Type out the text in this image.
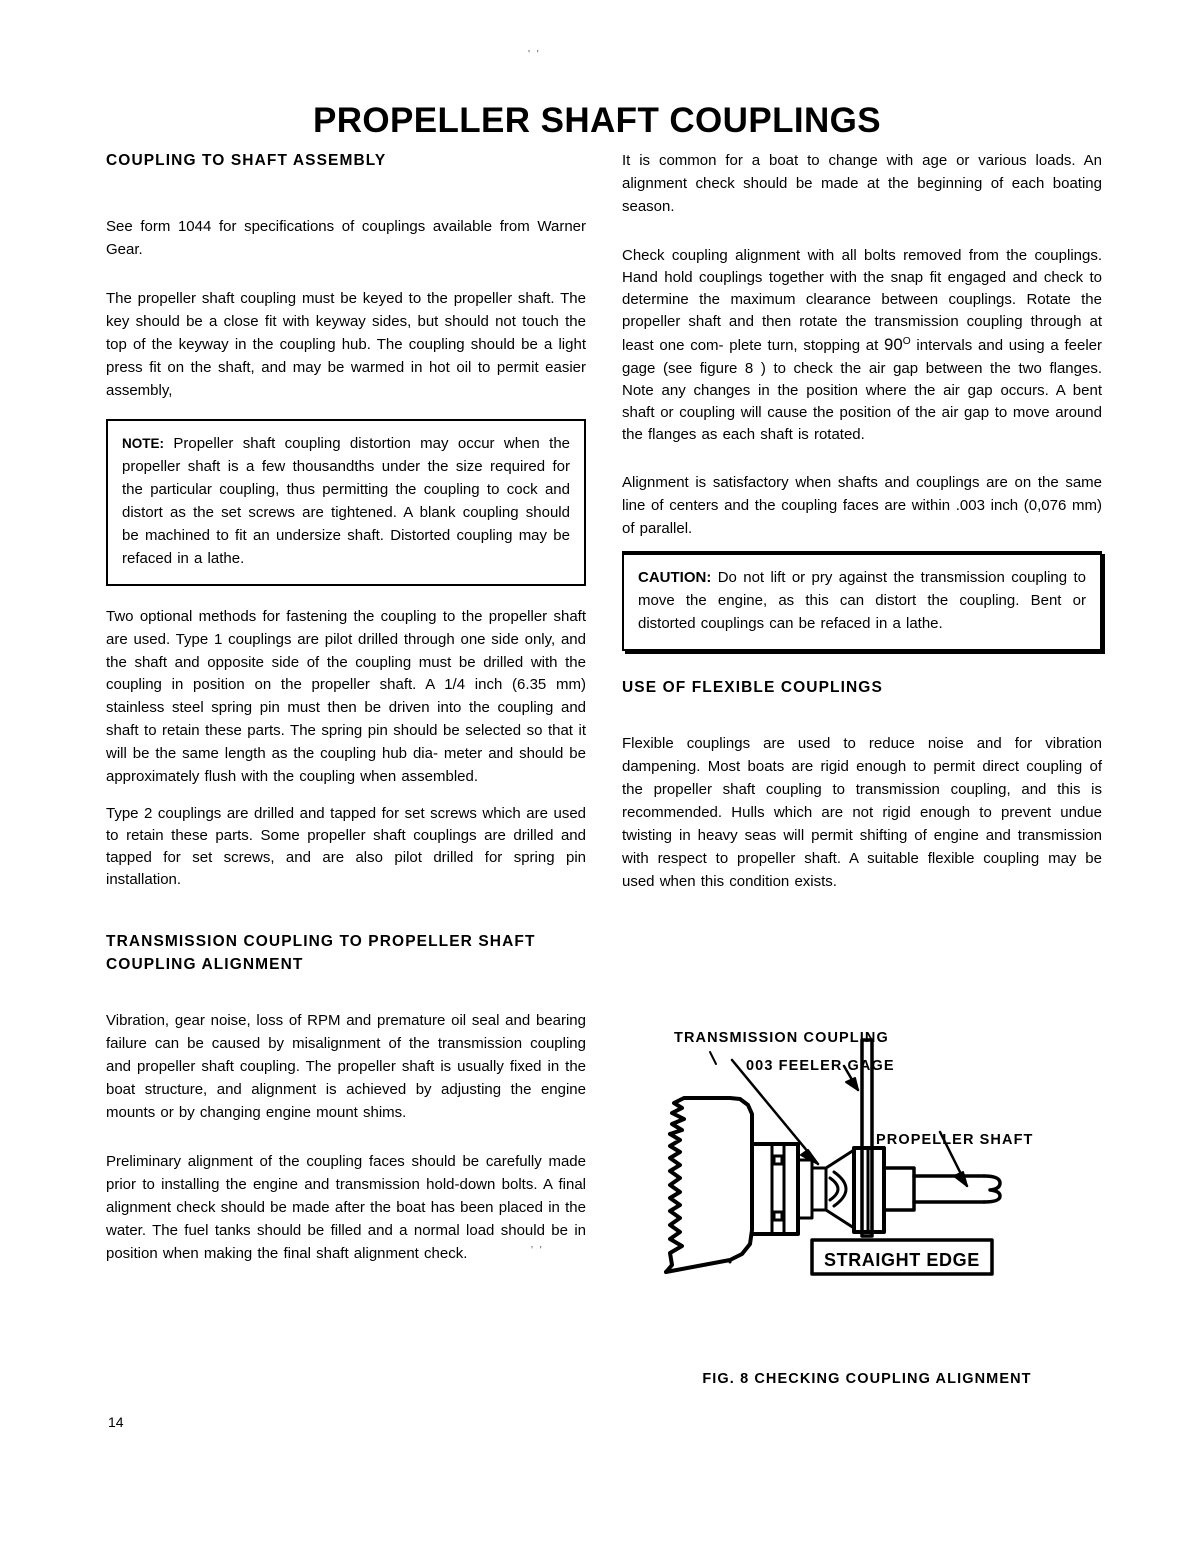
' '
PROPELLER SHAFT COUPLINGS
COUPLING TO SHAFT ASSEMBLY

See form 1044 for specifications of couplings available from Warner Gear.

The propeller shaft coupling must be keyed to the propeller shaft. The key should be a close fit with keyway sides, but should not touch the top of the keyway in the coupling hub. The coupling should be a light press fit on the shaft, and may be warmed in hot oil to permit easier assembly,

NOTE: Propeller shaft coupling distortion may occur when the propeller shaft is a few thousandths under the size required for the particular coupling, thus permitting the coupling to cock and distort as the set screws are tightened. A blank coupling should be machined to fit an undersize shaft. Distorted coupling may be refaced in a lathe.

Two optional methods for fastening the coupling to the propeller shaft are used. Type 1 couplings are pilot drilled through one side only, and the shaft and opposite side of the coupling must be drilled with the coupling in position on the propeller shaft. A 1/4 inch (6.35 mm) stainless steel spring pin must then be driven into the coupling and shaft to retain these parts. The spring pin should be selected so that it will be the same length as the coupling hub dia- meter and should be approximately flush with the coupling when assembled.

Type 2 couplings are drilled and tapped for set screws which are used to retain these parts. Some propeller shaft couplings are drilled and tapped for set screws, and are also pilot drilled for spring pin installation.

TRANSMISSION COUPLING TO PROPELLER SHAFT
COUPLING ALIGNMENT

Vibration, gear noise, loss of RPM and premature oil seal and bearing failure can be caused by misalignment of the transmission coupling and propeller shaft coupling. The propeller shaft is usually fixed in the boat structure, and alignment is achieved by adjusting the engine mounts or by changing engine mount shims.

Preliminary alignment of the coupling faces should be carefully made prior to installing the engine and transmission hold-down bolts. A final alignment check should be made after the boat has been placed in the water. The fuel tanks should be filled and a normal load should be in position when making the final shaft alignment check.	' '

It is common for a boat to change with age or various loads. An alignment check should be made at the beginning of each boating season.

Check coupling alignment with all bolts removed from the couplings. Hand hold couplings together with the snap fit engaged and check to determine the maximum clearance between couplings. Rotate the propeller shaft and then rotate the transmission coupling through at least one com- plete turn, stopping at $90^O$ intervals and using a feeler gage (see figure 8 ) to check the air gap between the two flanges. Note any changes in the position where the air gap occurs. A bent shaft or coupling will cause the position of the air gap to move around the flanges as each shaft is rotated.

Alignment is satisfactory when shafts and couplings are on the same line of centers and the coupling faces are within .003 inch (0,076 mm) of parallel.

CAUTION: Do not lift or pry against the transmission coupling to move the engine, as this can distort the coupling. Bent or distorted couplings can be refaced in a lathe.

USE OF FLEXIBLE COUPLINGS

Flexible couplings are used to reduce noise and for vibration dampening. Most boats are rigid enough to permit direct coupling of the propeller shaft coupling to transmission coupling, and this is recommended. Hulls which are not rigid enough to prevent undue twisting in heavy seas will permit shifting of engine and transmission with respect to propeller shaft. A suitable flexible coupling may be used when this condition exists.

TRANSMISSION COUPLING
003 FEELER GAGE
PROPELLER SHAFT
STRAIGHT EDGE
FIG. 8 CHECKING COUPLING ALIGNMENT
14
